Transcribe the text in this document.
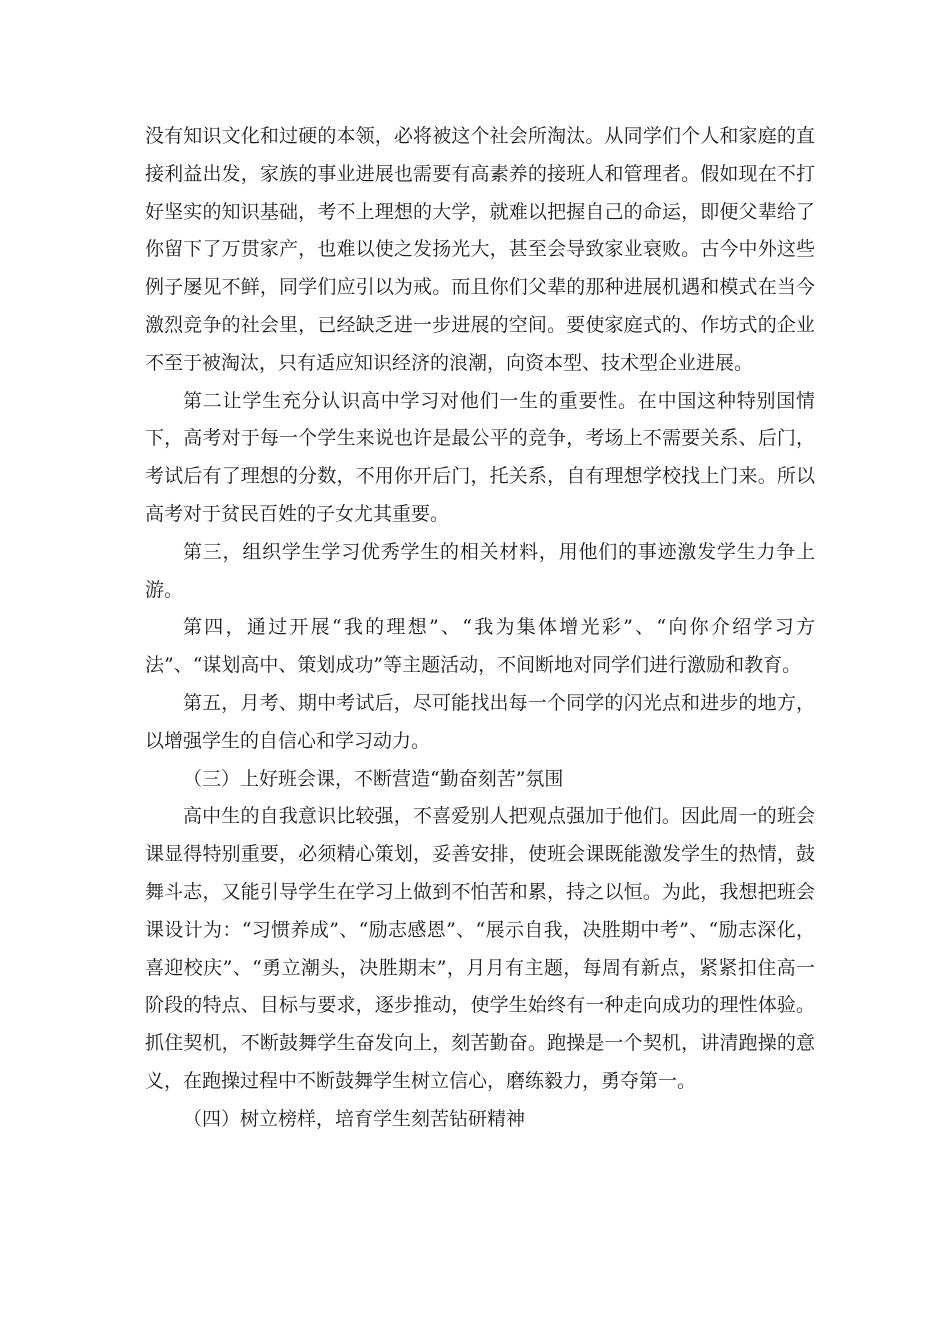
没有知识文化和过硬的本领，必将被这个社会所淘汰。从同学们个人和家庭的直接利益出发，家族的事业进展也需要有高素养的接班人和管理者。假如现在不打好坚实的知识基础，考不上理想的大学，就难以把握自己的命运，即便父辈给了你留下了万贯家产，也难以使之发扬光大，甚至会导致家业衰败。古今中外这些例子屡见不鲜，同学们应引以为戒。而且你们父辈的那种进展机遇和模式在当今激烈竞争的社会里，已经缺乏进一步进展的空间。要使家庭式的、作坊式的企业不至于被淘汰，只有适应知识经济的浪潮，向资本型、技术型企业进展。

第二让学生充分认识高中学习对他们一生的重要性。在中国这种特别国情下，高考对于每一个学生来说也许是最公平的竞争，考场上不需要关系、后门，考试后有了理想的分数，不用你开后门，托关系，自有理想学校找上门来。所以高考对于贫民百姓的子女尤其重要。

第三，组织学生学习优秀学生的相关材料，用他们的事迹激发学生力争上游。

第四，通过开展“我的理想”、“我为集体增光彩”、“向你介绍学习方法”、“谋划高中、策划成功”等主题活动，不间断地对同学们进行激励和教育。

第五，月考、期中考试后，尽可能找出每一个同学的闪光点和进步的地方，以增强学生的自信心和学习动力。

（三）上好班会课，不断营造“勤奋刻苦”氛围

高中生的自我意识比较强，不喜爱别人把观点强加于他们。因此周一的班会课显得特别重要，必须精心策划，妥善安排，使班会课既能激发学生的热情，鼓舞斗志，又能引导学生在学习上做到不怕苦和累，持之以恒。为此，我想把班会课设计为：“习惯养成”、“励志感恩”、“展示自我，决胜期中考”、“励志深化，喜迎校庆”、“勇立潮头，决胜期末”，月月有主题，每周有新点，紧紧扣住高一阶段的特点、目标与要求，逐步推动，使学生始终有一种走向成功的理性体验。抓住契机，不断鼓舞学生奋发向上，刻苦勤奋。跑操是一个契机，讲清跑操的意义，在跑操过程中不断鼓舞学生树立信心，磨练毅力，勇夺第一。

（四）树立榜样，培育学生刻苦钻研精神
